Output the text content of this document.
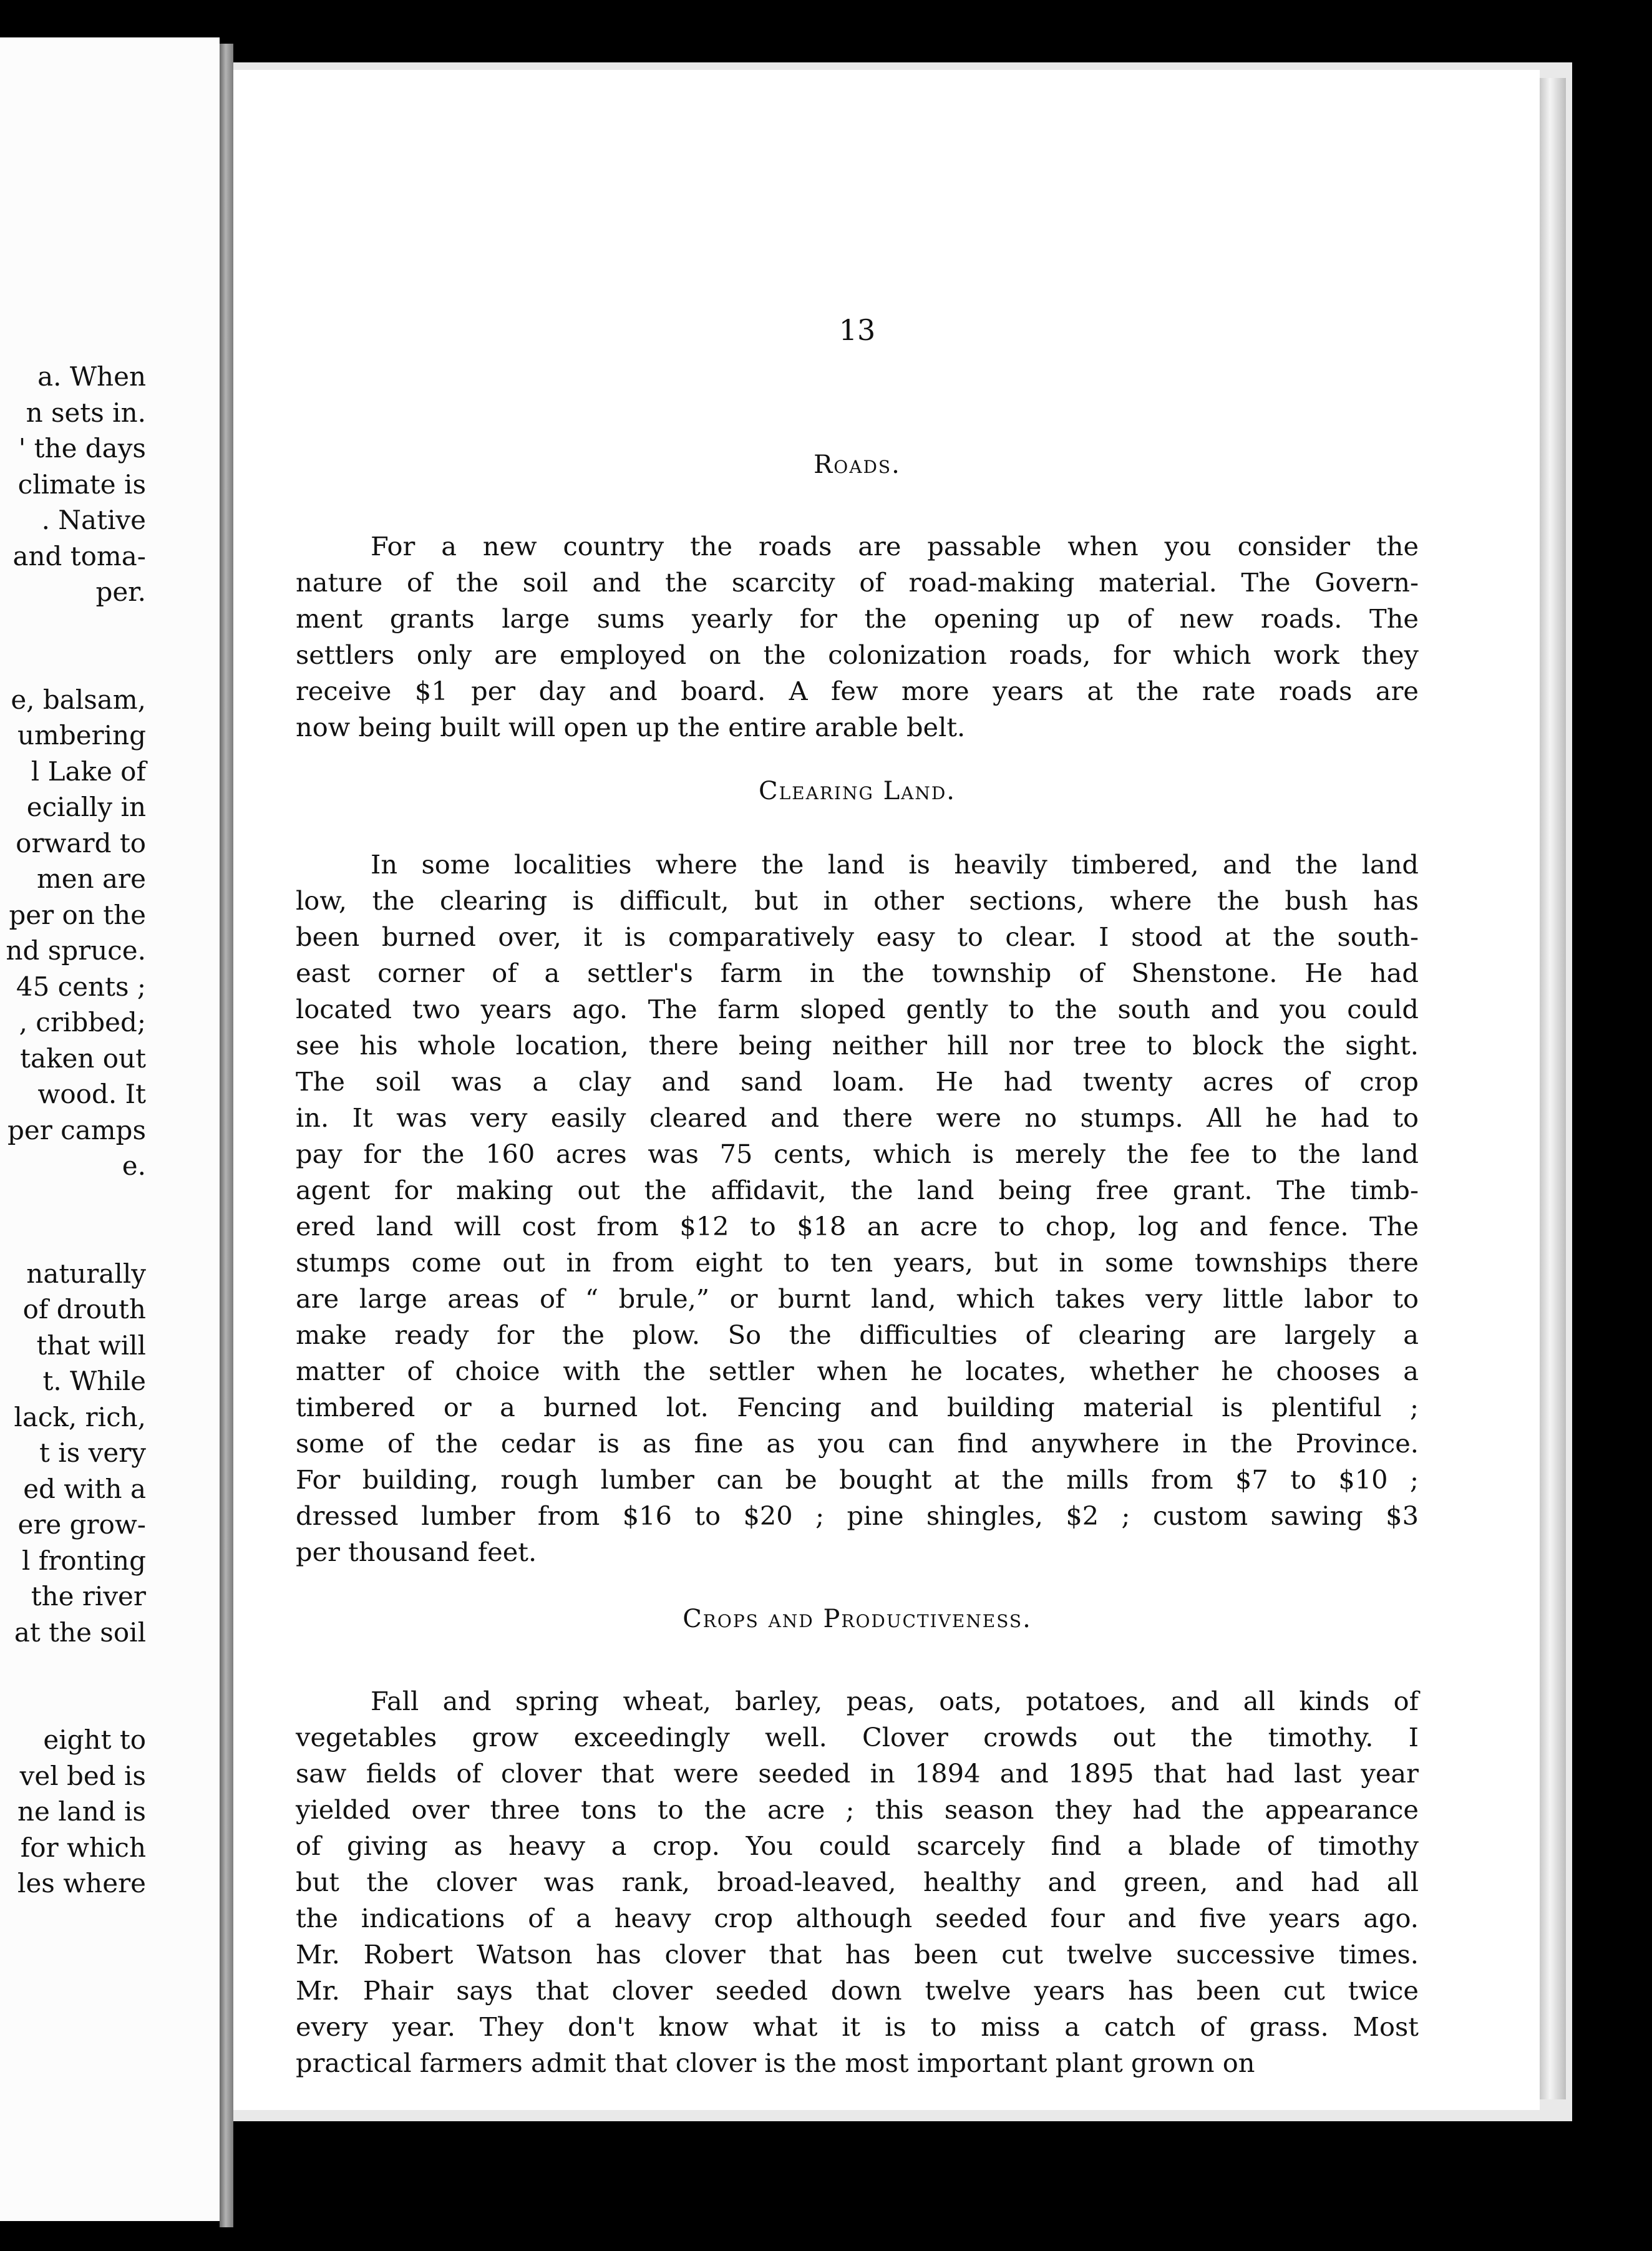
a. When
n sets in.
' the days
climate is
. Native
and toma-
per.
e, balsam,
umbering
l Lake of
ecially in
orward to
men are
per on the
nd spruce.
45 cents ;
, cribbed;
taken out
wood. It
per camps
e.
naturally
of drouth
that will
t. While
lack, rich,
t is very
ed with a
ere grow-
l fronting
the river
at the soil
eight to
vel bed is
ne land is
for which
les where
13
Roads.
For a new country the roads are passable when you consider the
nature of the soil and the scarcity of road-making material. The Govern-
ment grants large sums yearly for the opening up of new roads. The
settlers only are employed on the colonization roads, for which work they
receive $1 per day and board. A few more years at the rate roads are
now being built will open up the entire arable belt.
Clearing Land.
In some localities where the land is heavily timbered, and the land
low, the clearing is difficult, but in other sections, where the bush has
been burned over, it is comparatively easy to clear. I stood at the south-
east corner of a settler's farm in the township of Shenstone. He had
located two years ago. The farm sloped gently to the south and you could
see his whole location, there being neither hill nor tree to block the sight.
The soil was a clay and sand loam. He had twenty acres of crop
in. It was very easily cleared and there were no stumps. All he had to
pay for the 160 acres was 75 cents, which is merely the fee to the land
agent for making out the affidavit, the land being free grant. The timb-
ered land will cost from $12 to $18 an acre to chop, log and fence. The
stumps come out in from eight to ten years, but in some townships there
are large areas of “ brule,” or burnt land, which takes very little labor to
make ready for the plow. So the difficulties of clearing are largely a
matter of choice with the settler when he locates, whether he chooses a
timbered or a burned lot. Fencing and building material is plentiful ;
some of the cedar is as fine as you can find anywhere in the Province.
For building, rough lumber can be bought at the mills from $7 to $10 ;
dressed lumber from $16 to $20 ; pine shingles, $2 ; custom sawing $3
per thousand feet.
Crops and Productiveness.
Fall and spring wheat, barley, peas, oats, potatoes, and all kinds of
vegetables grow exceedingly well. Clover crowds out the timothy. I
saw fields of clover that were seeded in 1894 and 1895 that had last year
yielded over three tons to the acre ; this season they had the appearance
of giving as heavy a crop. You could scarcely find a blade of timothy
but the clover was rank, broad-leaved, healthy and green, and had all
the indications of a heavy crop although seeded four and five years ago.
Mr. Robert Watson has clover that has been cut twelve successive times.
Mr. Phair says that clover seeded down twelve years has been cut twice
every year. They don't know what it is to miss a catch of grass. Most
practical farmers admit that clover is the most important plant grown on
